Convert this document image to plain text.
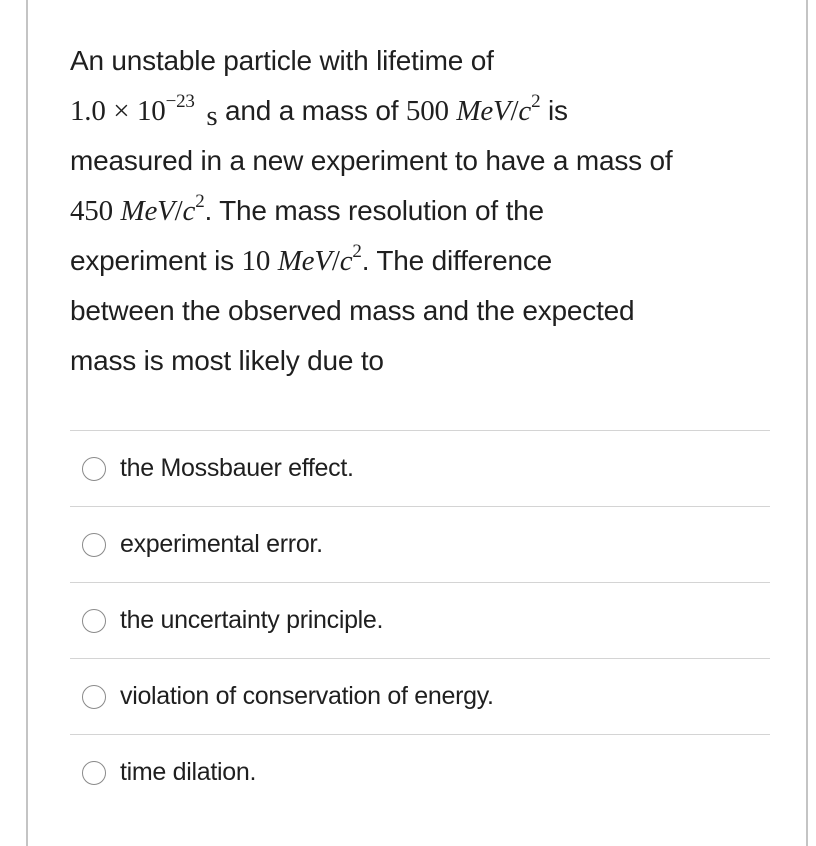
An unstable particle with lifetime of
$1.0 \times 10^{-23}$ s and a mass of 500 MeV/$c^2$ is
measured in a new experiment to have a mass of
450 MeV/$c^2$. The mass resolution of the
experiment is 10 MeV/$c^2$. The difference
between the observed mass and the expected
mass is most likely due to
the Mossbauer effect.
experimental error.
the uncertainty principle.
violation of conservation of energy.
time dilation.
